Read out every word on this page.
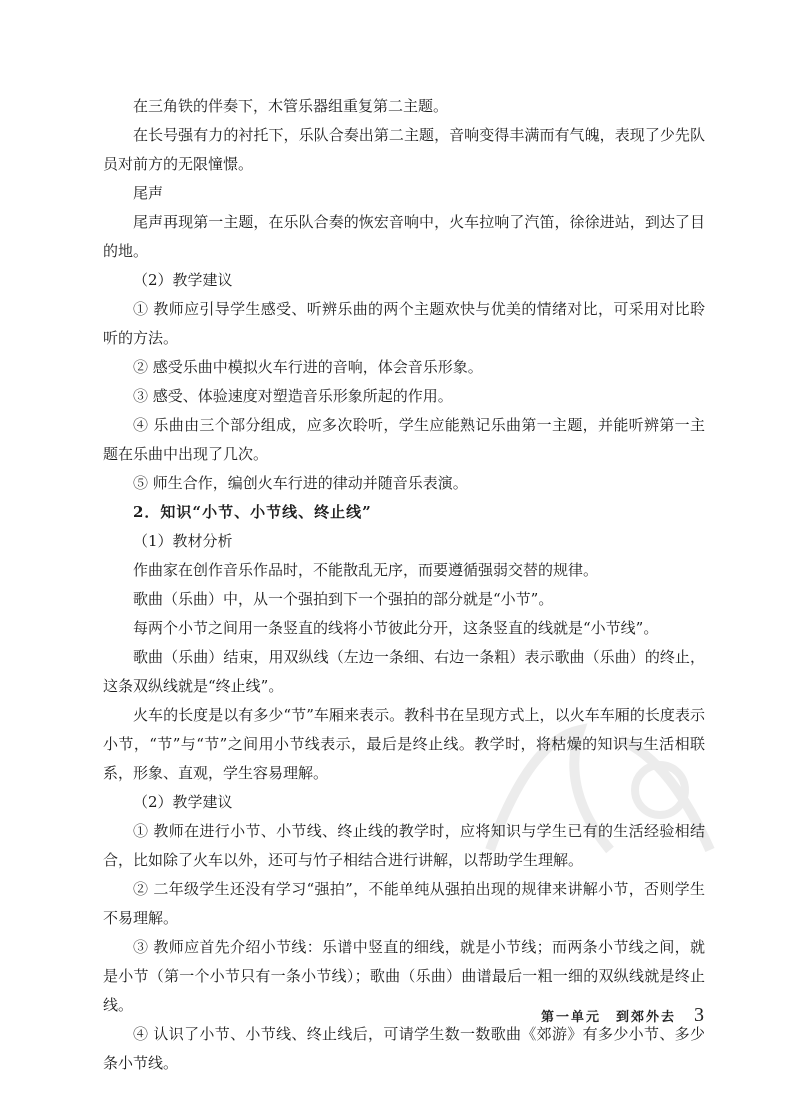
在三角铁的伴奏下，木管乐器组重复第二主题。

在长号强有力的衬托下，乐队合奏出第二主题，音响变得丰满而有气魄，表现了少先队员对前方的无限憧憬。

尾声

尾声再现第一主题，在乐队合奏的恢宏音响中，火车拉响了汽笛，徐徐进站，到达了目的地。

（2）教学建议

① 教师应引导学生感受、听辨乐曲的两个主题欢快与优美的情绪对比，可采用对比聆听的方法。

② 感受乐曲中模拟火车行进的音响，体会音乐形象。

③ 感受、体验速度对塑造音乐形象所起的作用。

④ 乐曲由三个部分组成，应多次聆听，学生应能熟记乐曲第一主题，并能听辨第一主题在乐曲中出现了几次。

⑤ 师生合作，编创火车行进的律动并随音乐表演。

2．知识“小节、小节线、终止线”

（1）教材分析

作曲家在创作音乐作品时，不能散乱无序，而要遵循强弱交替的规律。

歌曲（乐曲）中，从一个强拍到下一个强拍的部分就是“小节”。

每两个小节之间用一条竖直的线将小节彼此分开，这条竖直的线就是“小节线”。

歌曲（乐曲）结束，用双纵线（左边一条细、右边一条粗）表示歌曲（乐曲）的终止，这条双纵线就是“终止线”。

火车的长度是以有多少“节”车厢来表示。教科书在呈现方式上，以火车车厢的长度表示小节，“节”与“节”之间用小节线表示，最后是终止线。教学时，将枯燥的知识与生活相联系，形象、直观，学生容易理解。

（2）教学建议

① 教师在进行小节、小节线、终止线的教学时，应将知识与学生已有的生活经验相结合，比如除了火车以外，还可与竹子相结合进行讲解，以帮助学生理解。

② 二年级学生还没有学习“强拍”，不能单纯从强拍出现的规律来讲解小节，否则学生不易理解。

③ 教师应首先介绍小节线：乐谱中竖直的细线，就是小节线；而两条小节线之间，就是小节（第一个小节只有一条小节线）；歌曲（乐曲）曲谱最后一粗一细的双纵线就是终止线。

④ 认识了小节、小节线、终止线后，可请学生数一数歌曲《郊游》有多少小节、多少条小节线。

第一单元　到郊外去 3
